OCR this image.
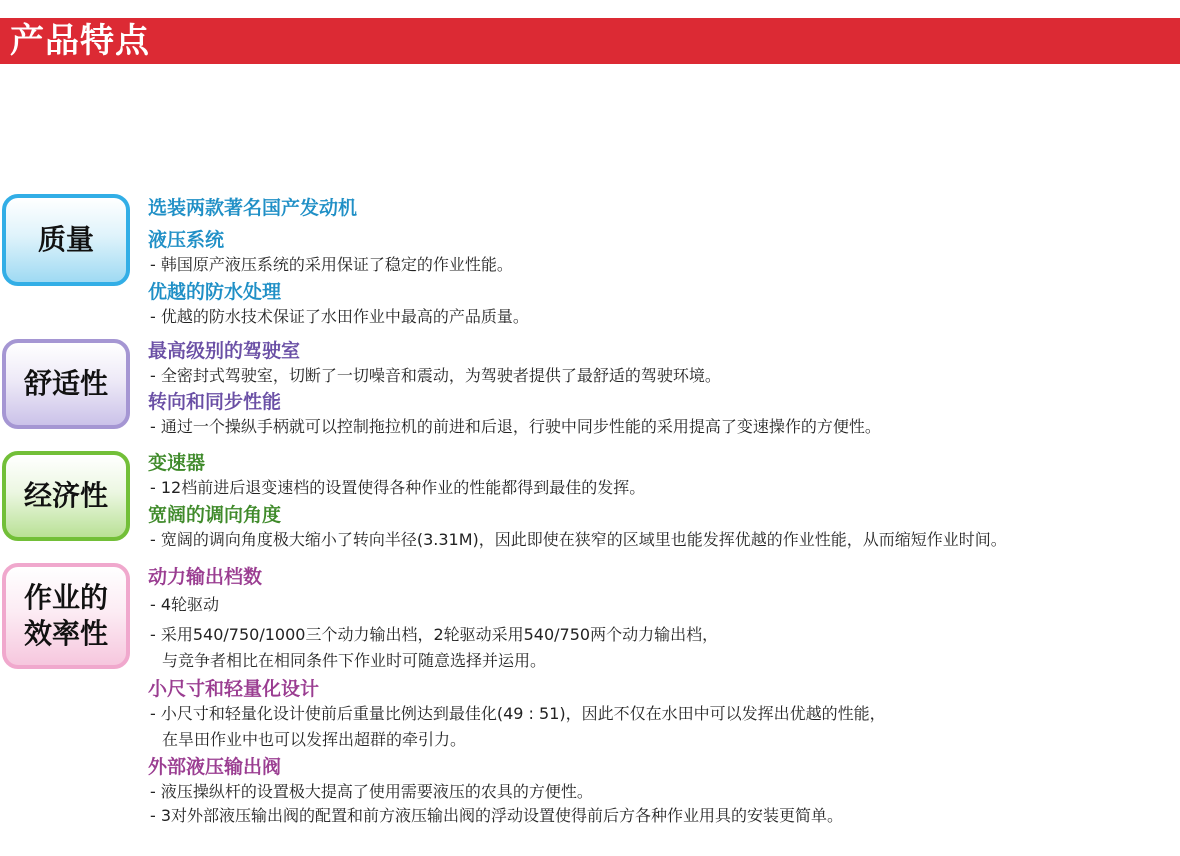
产品特点
质量
舒适性
经济性
作业的
效率性
选装两款著名国产发动机
液压系统
- 韩国原产液压系统的采用保证了稳定的作业性能。
优越的防水处理
- 优越的防水技术保证了水田作业中最高的产品质量。
最高级别的驾驶室
- 全密封式驾驶室，切断了一切噪音和震动，为驾驶者提供了最舒适的驾驶环境。
转向和同步性能
- 通过一个操纵手柄就可以控制拖拉机的前进和后退，行驶中同步性能的采用提高了变速操作的方便性。
变速器
- 12档前进后退变速档的设置使得各种作业的性能都得到最佳的发挥。
宽阔的调向角度
- 宽阔的调向角度极大缩小了转向半径(3.31M)，因此即使在狭窄的区域里也能发挥优越的作业性能，从而缩短作业时间。
动力输出档数
- 4轮驱动
- 采用540/750/1000三个动力输出档，2轮驱动采用540/750两个动力输出档，
与竞争者相比在相同条件下作业时可随意选择并运用。
小尺寸和轻量化设计
- 小尺寸和轻量化设计使前后重量比例达到最佳化(49 : 51)，因此不仅在水田中可以发挥出优越的性能，
在旱田作业中也可以发挥出超群的牵引力。
外部液压输出阀
- 液压操纵杆的设置极大提高了使用需要液压的农具的方便性。
- 3对外部液压输出阀的配置和前方液压输出阀的浮动设置使得前后方各种作业用具的安装更简单。
